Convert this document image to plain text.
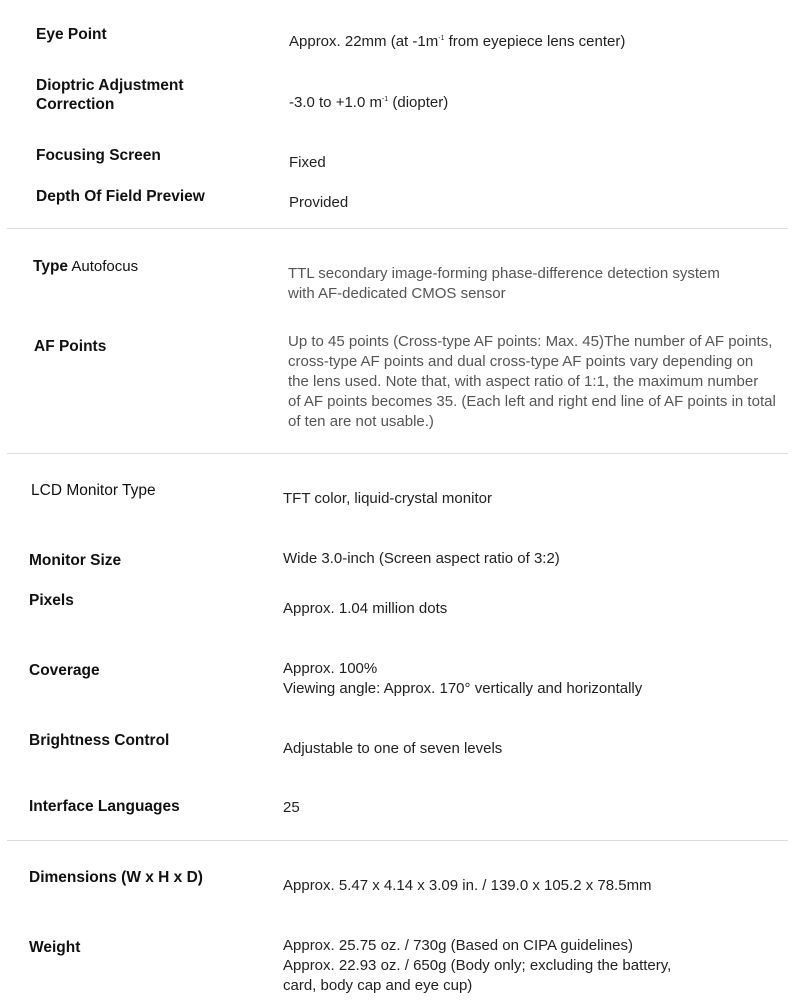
Eye Point	Approx. 22mm (at $-1m^{-1}$ from eyepiece lens center)
Dioptric Adjustment
Correction	-3.0 to +1.0 $m^{-1}$ (diopter)
Focusing Screen	Fixed
Depth Of Field Preview	Provided
Type Autofocus	TTL secondary image-forming phase-difference detection system
with AF-dedicated CMOS sensor
AF Points	Up to 45 points (Cross-type AF points: Max. 45)The number of AF points,
cross-type AF points and dual cross-type AF points vary depending on
the lens used. Note that, with aspect ratio of 1:1, the maximum number
of AF points becomes 35. (Each left and right end line of AF points in total
of ten are not usable.)
LCD Monitor Type	TFT color, liquid-crystal monitor
Monitor Size	Wide 3.0-inch (Screen aspect ratio of 3:2)
Pixels	Approx. 1.04 million dots
Coverage	Approx. 100%
Viewing angle: Approx. 170° vertically and horizontally
Brightness Control	Adjustable to one of seven levels
Interface Languages	25
Dimensions (W x H x D)	Approx. 5.47 x 4.14 x 3.09 in. / 139.0 x 105.2 x 78.5mm
Weight	Approx. 25.75 oz. / 730g (Based on CIPA guidelines)
Approx. 22.93 oz. / 650g (Body only; excluding the battery,
card, body cap and eye cup)
